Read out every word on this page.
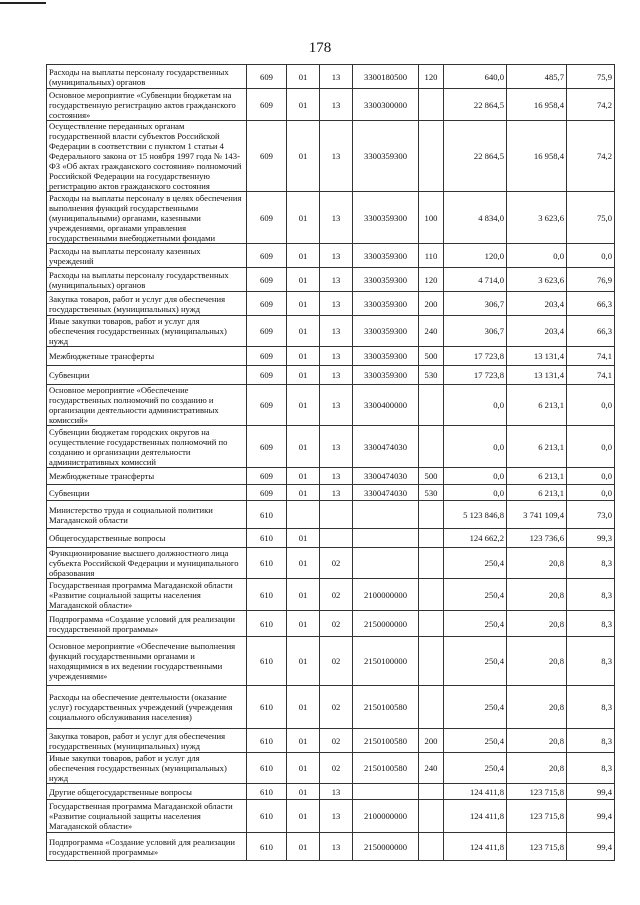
178
Расходы на выплаты персоналу государственных (муниципальных) органов	609	01	13	3300180500	120	640,0	485,7	75,9
Основное мероприятие «Субвенции бюджетам на государственную регистрацию актов гражданского состояния»	609	01	13	3300300000		22 864,5	16 958,4	74,2
Осуществление переданных органам государственной власти субъектов Российской Федерации в соответствии с пунктом 1 статьи 4 Федерального закона от 15 ноября 1997 года № 143-ФЗ «Об актах гражданского состояния» полномочий Российской Федерации на государственную регистрацию актов гражданского состояния	609	01	13	3300359300		22 864,5	16 958,4	74,2
Расходы на выплаты персоналу в целях обеспечения выполнения функций государственными (муниципальными) органами, казенными учреждениями, органами управления государственными внебюджетными фондами	609	01	13	3300359300	100	4 834,0	3 623,6	75,0
Расходы на выплаты персоналу казенных учреждений	609	01	13	3300359300	110	120,0	0,0	0,0
Расходы на выплаты персоналу государственных (муниципальных) органов	609	01	13	3300359300	120	4 714,0	3 623,6	76,9
Закупка товаров, работ и услуг для обеспечения государственных (муниципальных) нужд	609	01	13	3300359300	200	306,7	203,4	66,3
Иные закупки товаров, работ и услуг для обеспечения государственных (муниципальных) нужд	609	01	13	3300359300	240	306,7	203,4	66,3
Межбюджетные трансферты	609	01	13	3300359300	500	17 723,8	13 131,4	74,1
Субвенции	609	01	13	3300359300	530	17 723,8	13 131,4	74,1
Основное мероприятие «Обеспечение государственных полномочий по созданию и организации деятельности административных комиссий»	609	01	13	3300400000		0,0	6 213,1	0,0
Субвенции бюджетам городских округов на осуществление государственных полномочий по созданию и организации деятельности административных комиссий	609	01	13	3300474030		0,0	6 213,1	0,0
Межбюджетные трансферты	609	01	13	3300474030	500	0,0	6 213,1	0,0
Субвенции	609	01	13	3300474030	530	0,0	6 213,1	0,0
Министерство труда и социальной политики Магаданской области	610					5 123 846,8	3 741 109,4	73,0
Общегосударственные вопросы	610	01				124 662,2	123 736,6	99,3
Функционирование высшего должностного лица субъекта Российской Федерации и муниципального образования	610	01	02			250,4	20,8	8,3
Государственная программа Магаданской области «Развитие социальной защиты населения Магаданской области»	610	01	02	2100000000		250,4	20,8	8,3
Подпрограмма «Создание условий для реализации государственной программы»	610	01	02	2150000000		250,4	20,8	8,3
Основное мероприятие «Обеспечение выполнения функций государственными органами и находящимися в их ведении государственными учреждениями»	610	01	02	2150100000		250,4	20,8	8,3
Расходы на обеспечение деятельности (оказание услуг) государственных учреждений (учреждения социального обслуживания населения)	610	01	02	2150100580		250,4	20,8	8,3
Закупка товаров, работ и услуг для обеспечения государственных (муниципальных) нужд	610	01	02	2150100580	200	250,4	20,8	8,3
Иные закупки товаров, работ и услуг для обеспечения государственных (муниципальных) нужд	610	01	02	2150100580	240	250,4	20,8	8,3
Другие общегосударственные вопросы	610	01	13			124 411,8	123 715,8	99,4
Государственная программа Магаданской области «Развитие социальной защиты населения Магаданской области»	610	01	13	2100000000		124 411,8	123 715,8	99,4
Подпрограмма «Создание условий для реализации государственной программы»	610	01	13	2150000000		124 411,8	123 715,8	99,4
